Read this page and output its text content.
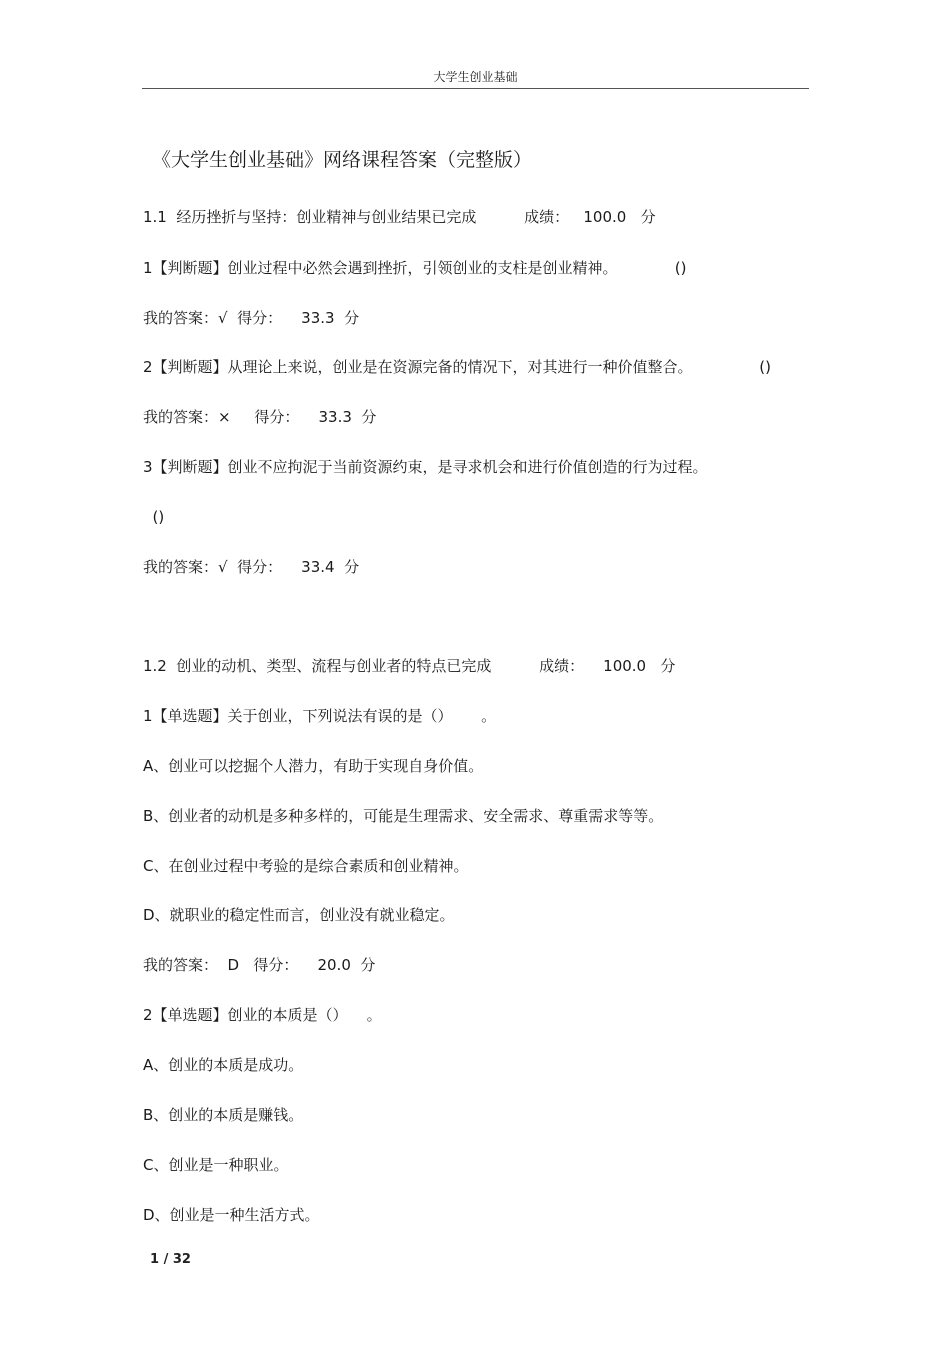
大学生创业基础
《大学生创业基础》网络课程答案（完整版）
1.1  经历挫折与坚持：创业精神与创业结果已完成          成绩：   100.0   分
1【判断题】创业过程中必然会遇到挫折，引领创业的支柱是创业精神。            ()
我的答案：√  得分：    33.3  分
2【判断题】从理论上来说，创业是在资源完备的情况下，对其进行一种价值整合。              ()
我的答案：×     得分：    33.3  分
3【判断题】创业不应拘泥于当前资源约束，是寻求机会和进行价值创造的行为过程。
()
我的答案：√  得分：    33.4  分
1.2  创业的动机、类型、流程与创业者的特点已完成          成绩：    100.0   分
1【单选题】关于创业，下列说法有误的是（）      。
A、创业可以挖掘个人潜力，有助于实现自身价值。
B、创业者的动机是多种多样的，可能是生理需求、安全需求、尊重需求等等。
C、在创业过程中考验的是综合素质和创业精神。
D、就职业的稳定性而言，创业没有就业稳定。
我的答案：  D   得分：    20.0  分
2【单选题】创业的本质是（）    。
A、创业的本质是成功。
B、创业的本质是赚钱。
C、创业是一种职业。
D、创业是一种生活方式。
1 / 32
